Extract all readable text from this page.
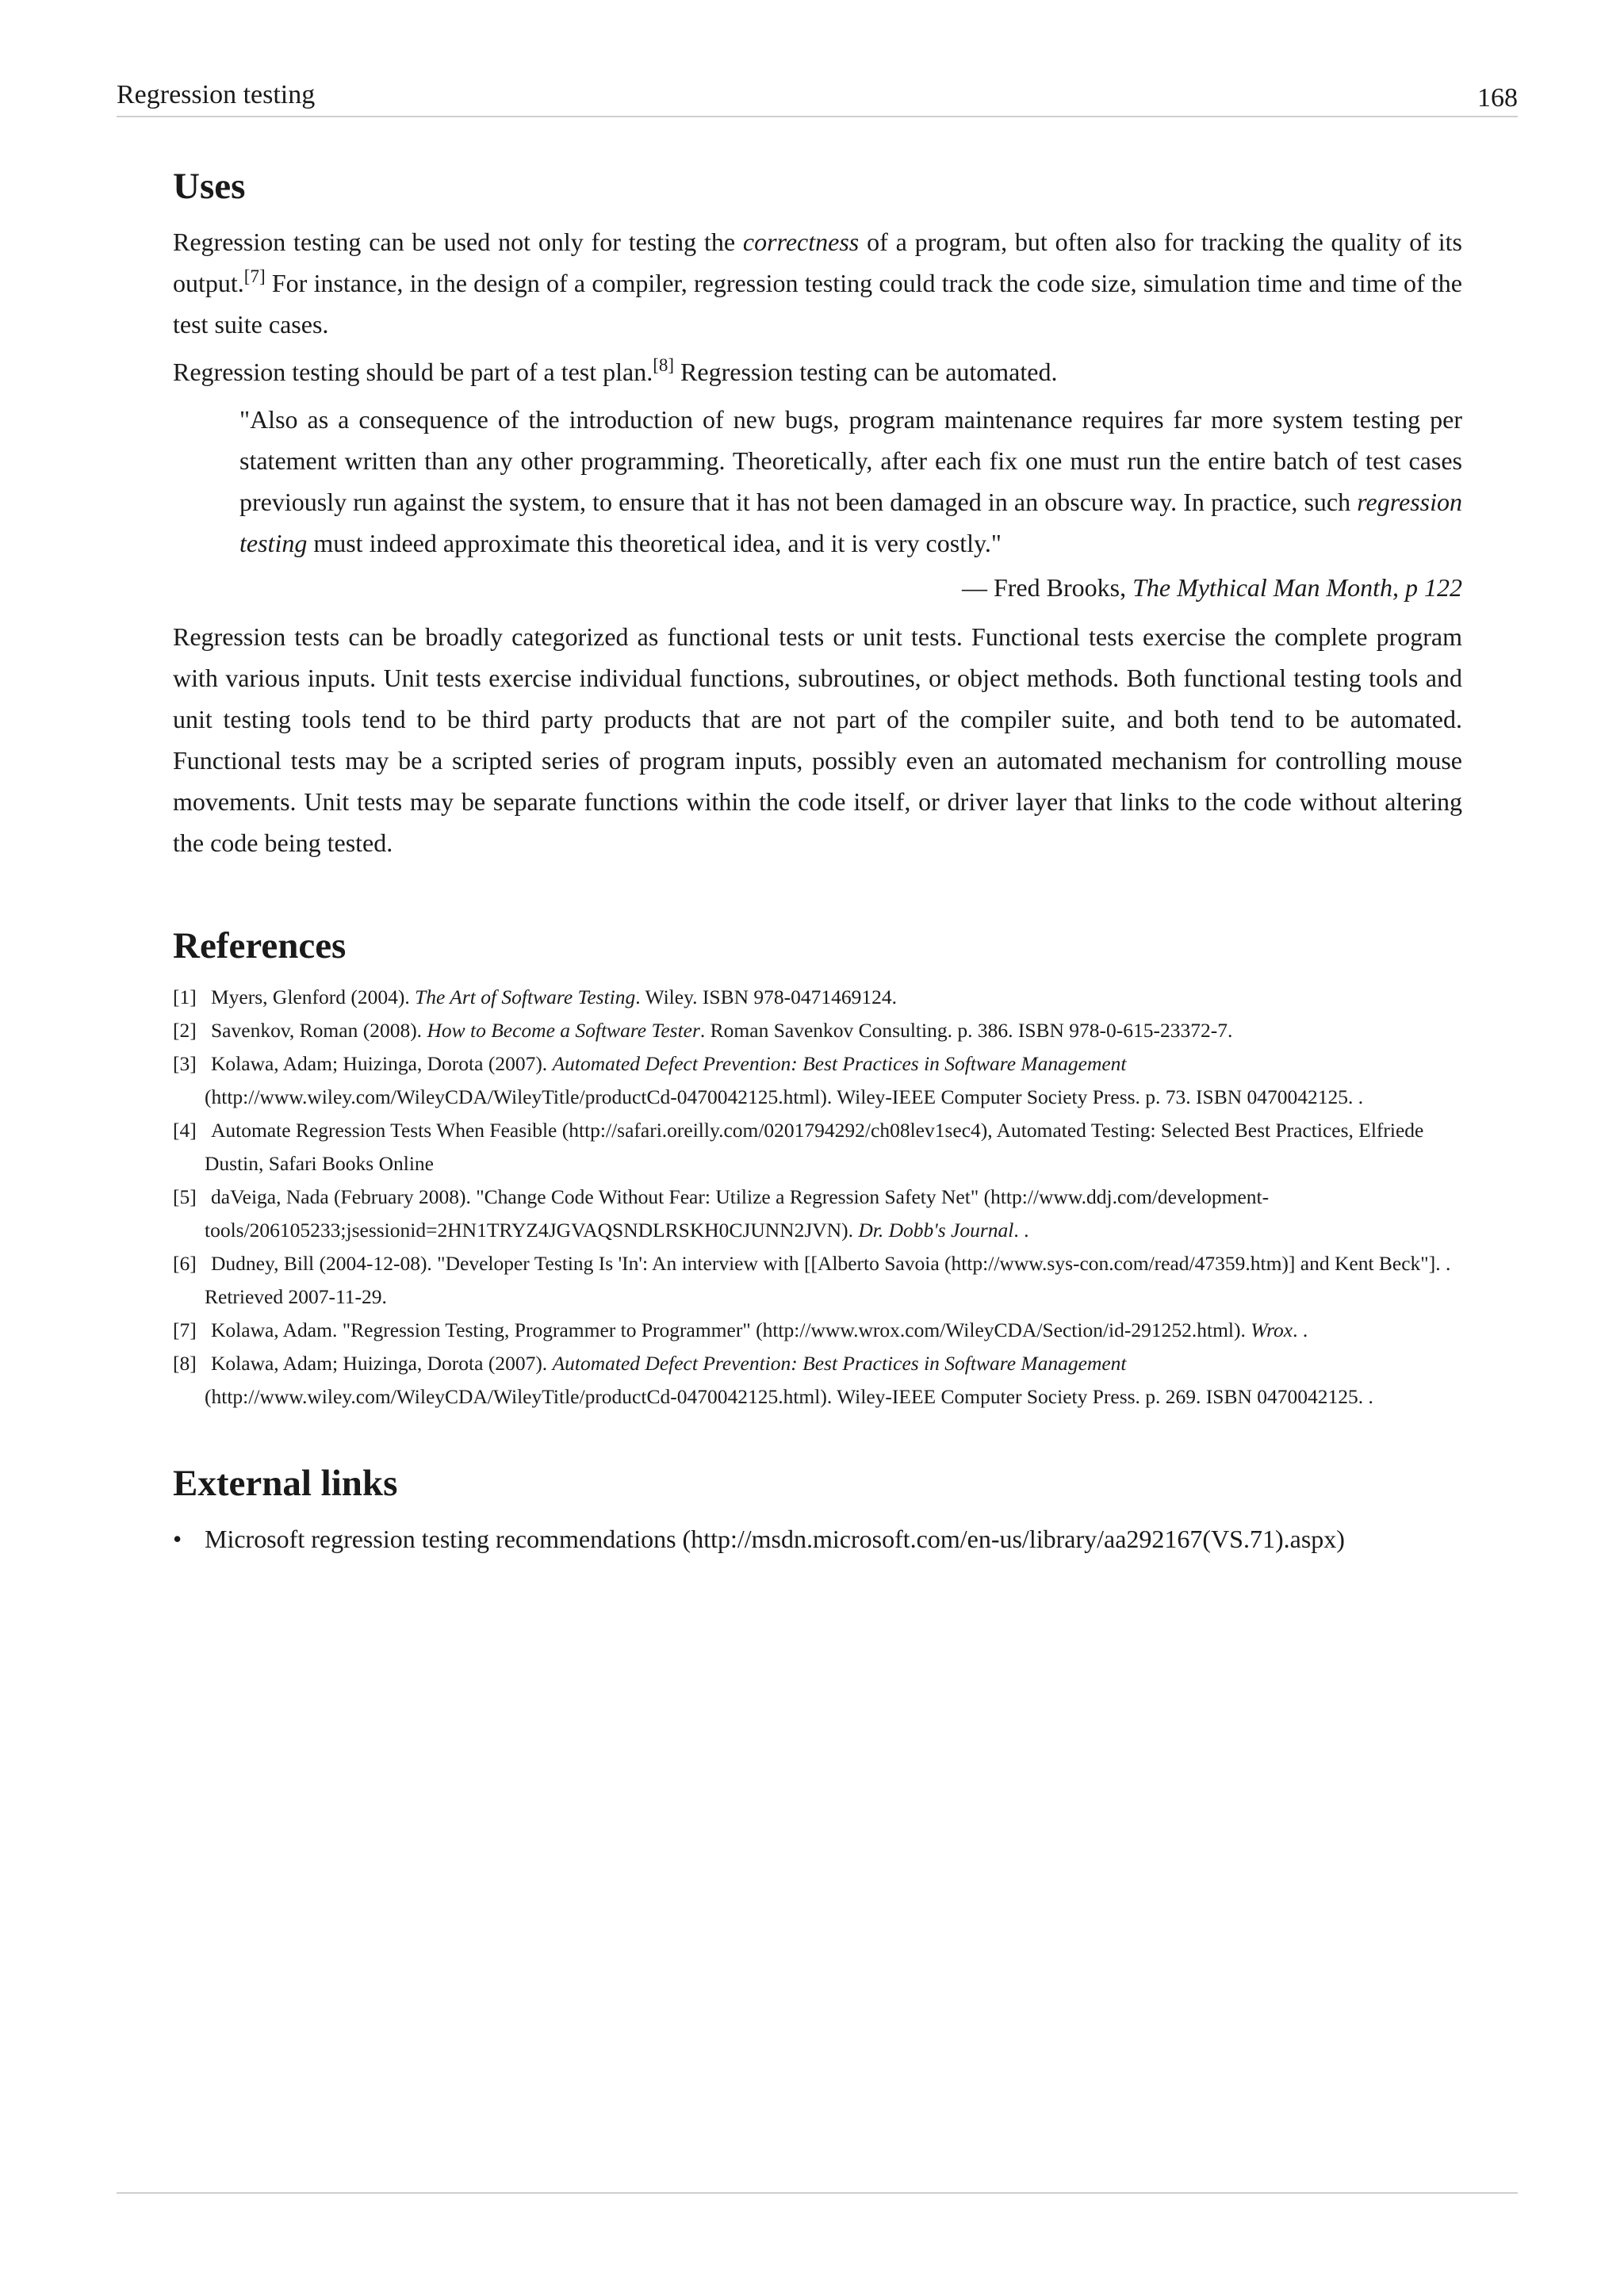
Regression testing	168
Uses

Regression testing can be used not only for testing the correctness of a program, but often also for tracking the quality of its output.[7] For instance, in the design of a compiler, regression testing could track the code size, simulation time and time of the test suite cases.

Regression testing should be part of a test plan.[8] Regression testing can be automated.

"Also as a consequence of the introduction of new bugs, program maintenance requires far more system testing per statement written than any other programming. Theoretically, after each fix one must run the entire batch of test cases previously run against the system, to ensure that it has not been damaged in an obscure way. In practice, such regression testing must indeed approximate this theoretical idea, and it is very costly."
— Fred Brooks, The Mythical Man Month, p 122

Regression tests can be broadly categorized as functional tests or unit tests. Functional tests exercise the complete program with various inputs. Unit tests exercise individual functions, subroutines, or object methods. Both functional testing tools and unit testing tools tend to be third party products that are not part of the compiler suite, and both tend to be automated. Functional tests may be a scripted series of program inputs, possibly even an automated mechanism for controlling mouse movements. Unit tests may be separate functions within the code itself, or driver layer that links to the code without altering the code being tested.

References
[1] Myers, Glenford (2004). The Art of Software Testing. Wiley. ISBN 978-0471469124.
[2] Savenkov, Roman (2008). How to Become a Software Tester. Roman Savenkov Consulting. p. 386. ISBN 978-0-615-23372-7.
[3] Kolawa, Adam; Huizinga, Dorota (2007). Automated Defect Prevention: Best Practices in Software Management (http://www.wiley.com/WileyCDA/WileyTitle/productCd-0470042125.html). Wiley-IEEE Computer Society Press. p. 73. ISBN 0470042125. .
[4] Automate Regression Tests When Feasible (http://safari.oreilly.com/0201794292/ch08lev1sec4), Automated Testing: Selected Best Practices, Elfriede Dustin, Safari Books Online
[5] daVeiga, Nada (February 2008). "Change Code Without Fear: Utilize a Regression Safety Net" (http://www.ddj.com/development-tools/206105233;jsessionid=2HN1TRYZ4JGVAQSNDLRSKH0CJUNN2JVN). Dr. Dobb's Journal. .
[6] Dudney, Bill (2004-12-08). "Developer Testing Is 'In': An interview with [[Alberto Savoia (http://www.sys-con.com/read/47359.htm)] and Kent Beck"]. . Retrieved 2007-11-29.
[7] Kolawa, Adam. "Regression Testing, Programmer to Programmer" (http://www.wrox.com/WileyCDA/Section/id-291252.html). Wrox. .
[8] Kolawa, Adam; Huizinga, Dorota (2007). Automated Defect Prevention: Best Practices in Software Management (http://www.wiley.com/WileyCDA/WileyTitle/productCd-0470042125.html). Wiley-IEEE Computer Society Press. p. 269. ISBN 0470042125. .
External links
• Microsoft regression testing recommendations (http://msdn.microsoft.com/en-us/library/aa292167(VS.71).aspx)
